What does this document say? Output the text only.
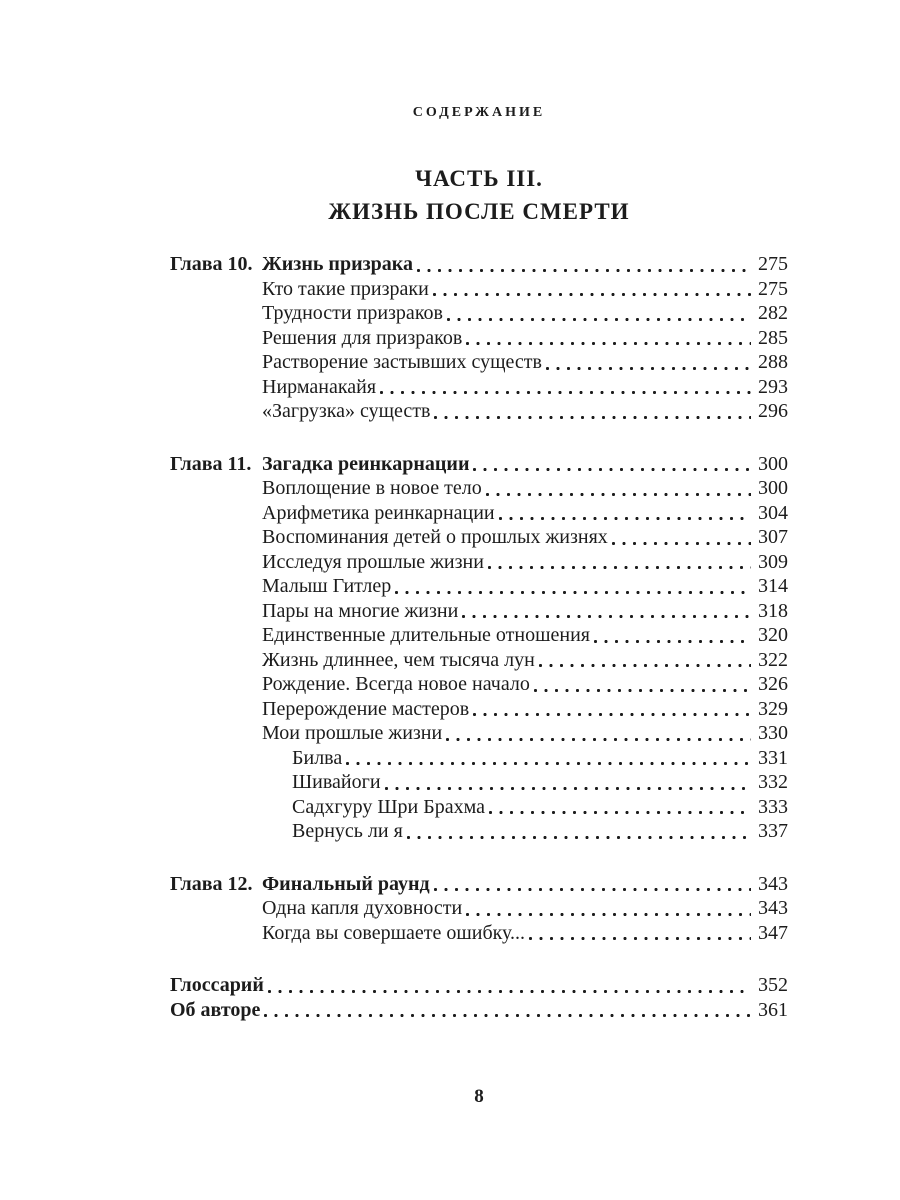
СОДЕРЖАНИЕ
ЧАСТЬ III.
ЖИЗНЬ ПОСЛЕ СМЕРТИ
Глава 10. Жизнь призрака	275
Кто такие призраки	275
Трудности призраков	282
Решения для призраков	285
Растворение застывших существ	288
Нирманакайя	293
«Загрузка» существ	296
Глава 11. Загадка реинкарнации	300
Воплощение в новое тело	300
Арифметика реинкарнации	304
Воспоминания детей о прошлых жизнях	307
Исследуя прошлые жизни	309
Малыш Гитлер	314
Пары на многие жизни	318
Единственные длительные отношения	320
Жизнь длиннее, чем тысяча лун	322
Рождение. Всегда новое начало	326
Перерождение мастеров	329
Мои прошлые жизни	330
Билва	331
Шивайоги	332
Садхгуру Шри Брахма	333
Вернусь ли я	337
Глава 12. Финальный раунд	343
Одна капля духовности	343
Когда вы совершаете ошибку...	347
Глоссарий	352
Об авторе	361
8
